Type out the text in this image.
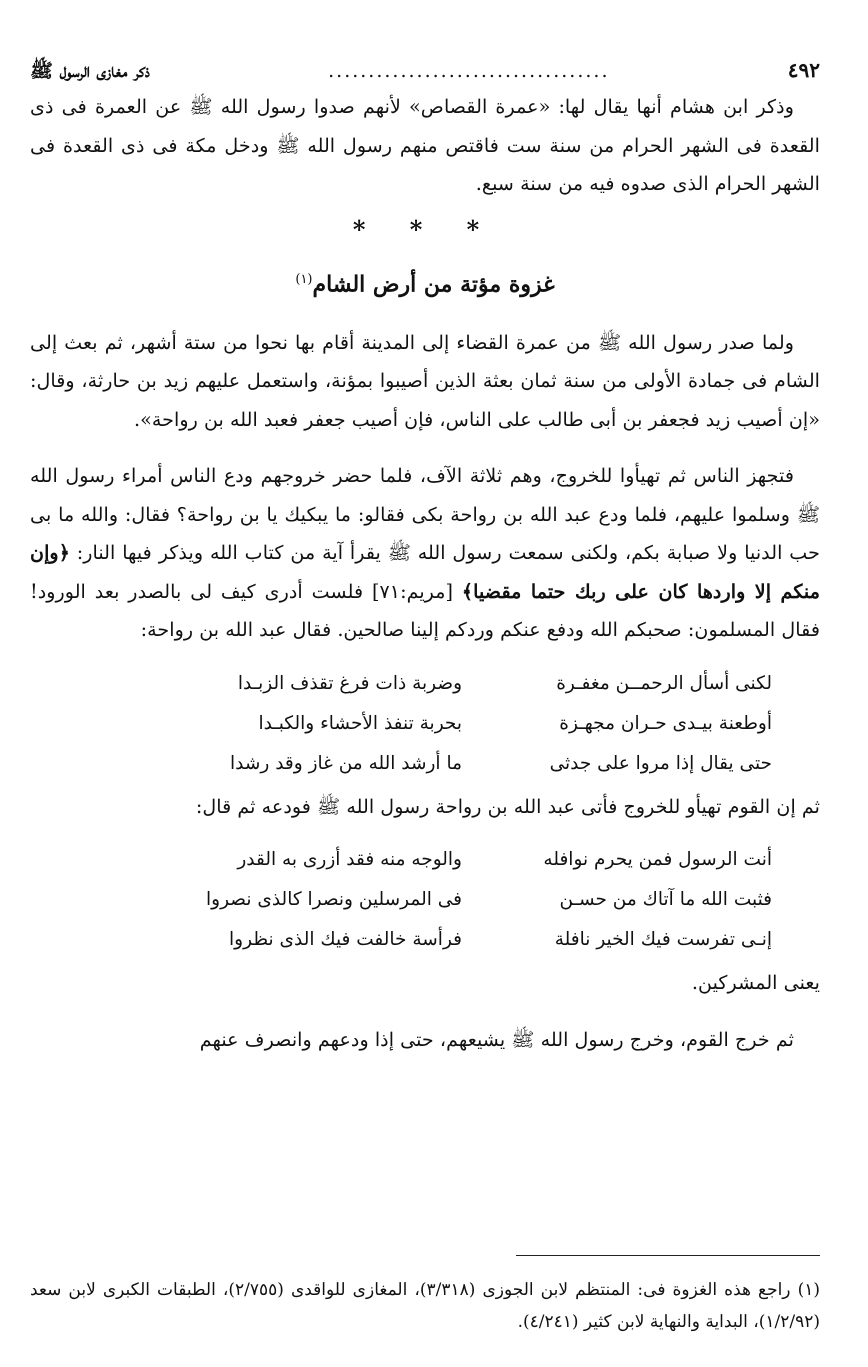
٤٩٢
...................................
ذكر مغازى الرسول ﷺ

وذكر ابن هشام أنها يقال لها: «عمرة القصاص» لأنهم صدوا رسول الله ﷺ عن العمرة فى ذى القعدة فى الشهر الحرام من سنة ست فاقتص منهم رسول الله ﷺ ودخل مكة فى ذى القعدة فى الشهر الحرام الذى صدوه فيه من سنة سبع.

* * *
غزوة مؤتة من أرض الشام$^{(١)}$

ولما صدر رسول الله ﷺ من عمرة القضاء إلى المدينة أقام بها نحوا من ستة أشهر، ثم بعث إلى الشام فى جمادة الأولى من سنة ثمان بعثة الذين أصيبوا بمؤنة، واستعمل عليهم زيد بن حارثة، وقال: «إن أصيب زيد فجعفر بن أبى طالب على الناس، فإن أصيب جعفر فعبد الله بن رواحة».

فتجهز الناس ثم تهيأوا للخروج، وهم ثلاثة الآف، فلما حضر خروجهم ودع الناس أمراء رسول الله ﷺ وسلموا عليهم، فلما ودع عبد الله بن رواحة بكى فقالو: ما يبكيك يا بن رواحة؟ فقال: والله ما بى حب الدنيا ولا صبابة بكم، ولكنى سمعت رسول الله ﷺ يقرأ آية من كتاب الله ويذكر فيها النار: ﴿وإن منكم إلا واردها كان على ربك حتما مقضيا﴾ [مريم:٧١] فلست أدرى كيف لى بالصدر بعد الورود! فقال المسلمون: صحبكم الله ودفع عنكم وردكم إلينا صالحين. فقال عبد الله بن رواحة:

لكنى أسأل الرحمــن مغفـرة
وضربة ذات فرغ تقذف الزبـدا
أوطعنة بيـدى حـران مجهـزة
بحربة تنفذ الأحشاء والكبـدا
حتى يقال إذا مروا على جدثى
ما أرشد الله من غاز وقد رشدا

ثم إن القوم تهيأو للخروج فأتى عبد الله بن رواحة رسول الله ﷺ فودعه ثم قال:

أنت الرسول فمن يحرم نوافله
والوجه منه فقد أزرى به القدر
فثبت الله ما آتاك من حسـن
فى المرسلين ونصرا كالذى نصروا
إنـى تفرست فيك الخير نافلة
فرأسة خالفت فيك الذى نظروا

يعنى المشركين.

ثم خرج القوم، وخرج رسول الله ﷺ يشيعهم، حتى إذا ودعهم وانصرف عنهم

(١) راجع هذه الغزوة فى: المنتظم لابن الجوزى (٣/٣١٨)، المغازى للواقدى (٢/٧٥٥)، الطبقات الكبرى لابن سعد (١/٢/٩٢)، البداية والنهاية لابن كثير (٤/٢٤١).
